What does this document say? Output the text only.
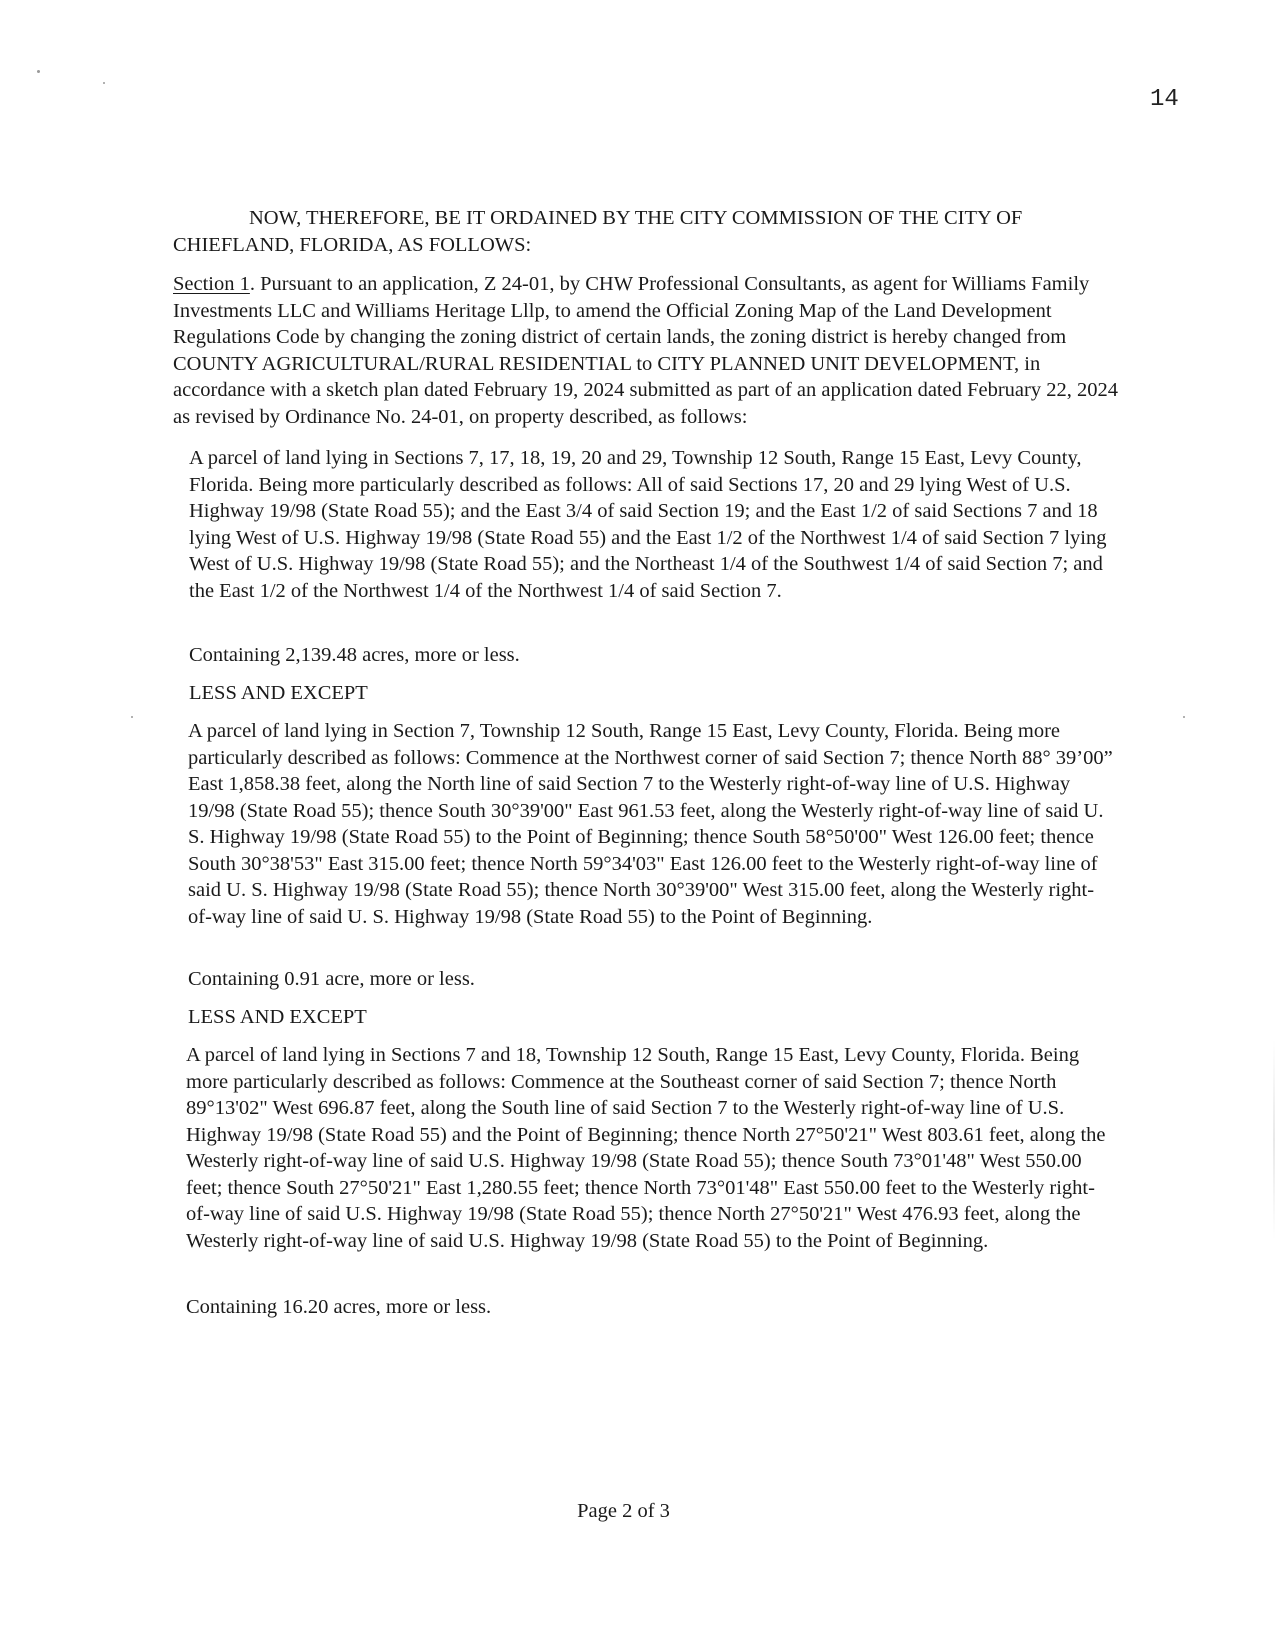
14
NOW, THEREFORE, BE IT ORDAINED BY THE CITY COMMISSION OF THE CITY OF CHIEFLAND, FLORIDA, AS FOLLOWS:
Section 1. Pursuant to an application, Z 24-01, by CHW Professional Consultants, as agent for Williams Family Investments LLC and Williams Heritage Lllp, to amend the Official Zoning Map of the Land Development Regulations Code by changing the zoning district of certain lands, the zoning district is hereby changed from COUNTY AGRICULTURAL/RURAL RESIDENTIAL to CITY PLANNED UNIT DEVELOPMENT, in accordance with a sketch plan dated February 19, 2024 submitted as part of an application dated February 22, 2024 as revised by Ordinance No. 24-01, on property described, as follows:
A parcel of land lying in Sections 7, 17, 18, 19, 20 and 29, Township 12 South, Range 15 East, Levy County, Florida. Being more particularly described as follows: All of said Sections 17, 20 and 29 lying West of U.S. Highway 19/98 (State Road 55); and the East 3/4 of said Section 19; and the East 1/2 of said Sections 7 and 18 lying West of U.S. Highway 19/98 (State Road 55) and the East 1/2 of the Northwest 1/4 of said Section 7 lying West of U.S. Highway 19/98 (State Road 55); and the Northeast 1/4 of the Southwest 1/4 of said Section 7; and the East 1/2 of the Northwest 1/4 of the Northwest 1/4 of said Section 7.
Containing 2,139.48 acres, more or less.
LESS AND EXCEPT
A parcel of land lying in Section 7, Township 12 South, Range 15 East, Levy County, Florida. Being more particularly described as follows: Commence at the Northwest corner of said Section 7; thence North 88° 39’00” East 1,858.38 feet, along the North line of said Section 7 to the Westerly right-of-way line of U.S. Highway 19/98 (State Road 55); thence South 30°39'00" East 961.53 feet, along the Westerly right-of-way line of said U. S. Highway 19/98 (State Road 55) to the Point of Beginning; thence South 58°50'00" West 126.00 feet; thence South 30°38'53" East 315.00 feet; thence North 59°34'03" East 126.00 feet to the Westerly right-of-way line of said U. S. Highway 19/98 (State Road 55); thence North 30°39'00" West 315.00 feet, along the Westerly right-of-way line of said U. S. Highway 19/98 (State Road 55) to the Point of Beginning.
Containing 0.91 acre, more or less.
LESS AND EXCEPT
A parcel of land lying in Sections 7 and 18, Township 12 South, Range 15 East, Levy County, Florida. Being more particularly described as follows: Commence at the Southeast corner of said Section 7; thence North 89°13'02" West 696.87 feet, along the South line of said Section 7 to the Westerly right-of-way line of U.S. Highway 19/98 (State Road 55) and the Point of Beginning; thence North 27°50'21" West 803.61 feet, along the Westerly right-of-way line of said U.S. Highway 19/98 (State Road 55); thence South 73°01'48" West 550.00 feet; thence South 27°50'21" East 1,280.55 feet; thence North 73°01'48" East 550.00 feet to the Westerly right-of-way line of said U.S. Highway 19/98 (State Road 55); thence North 27°50'21" West 476.93 feet, along the Westerly right-of-way line of said U.S. Highway 19/98 (State Road 55) to the Point of Beginning.
Containing 16.20 acres, more or less.
Page 2 of 3
